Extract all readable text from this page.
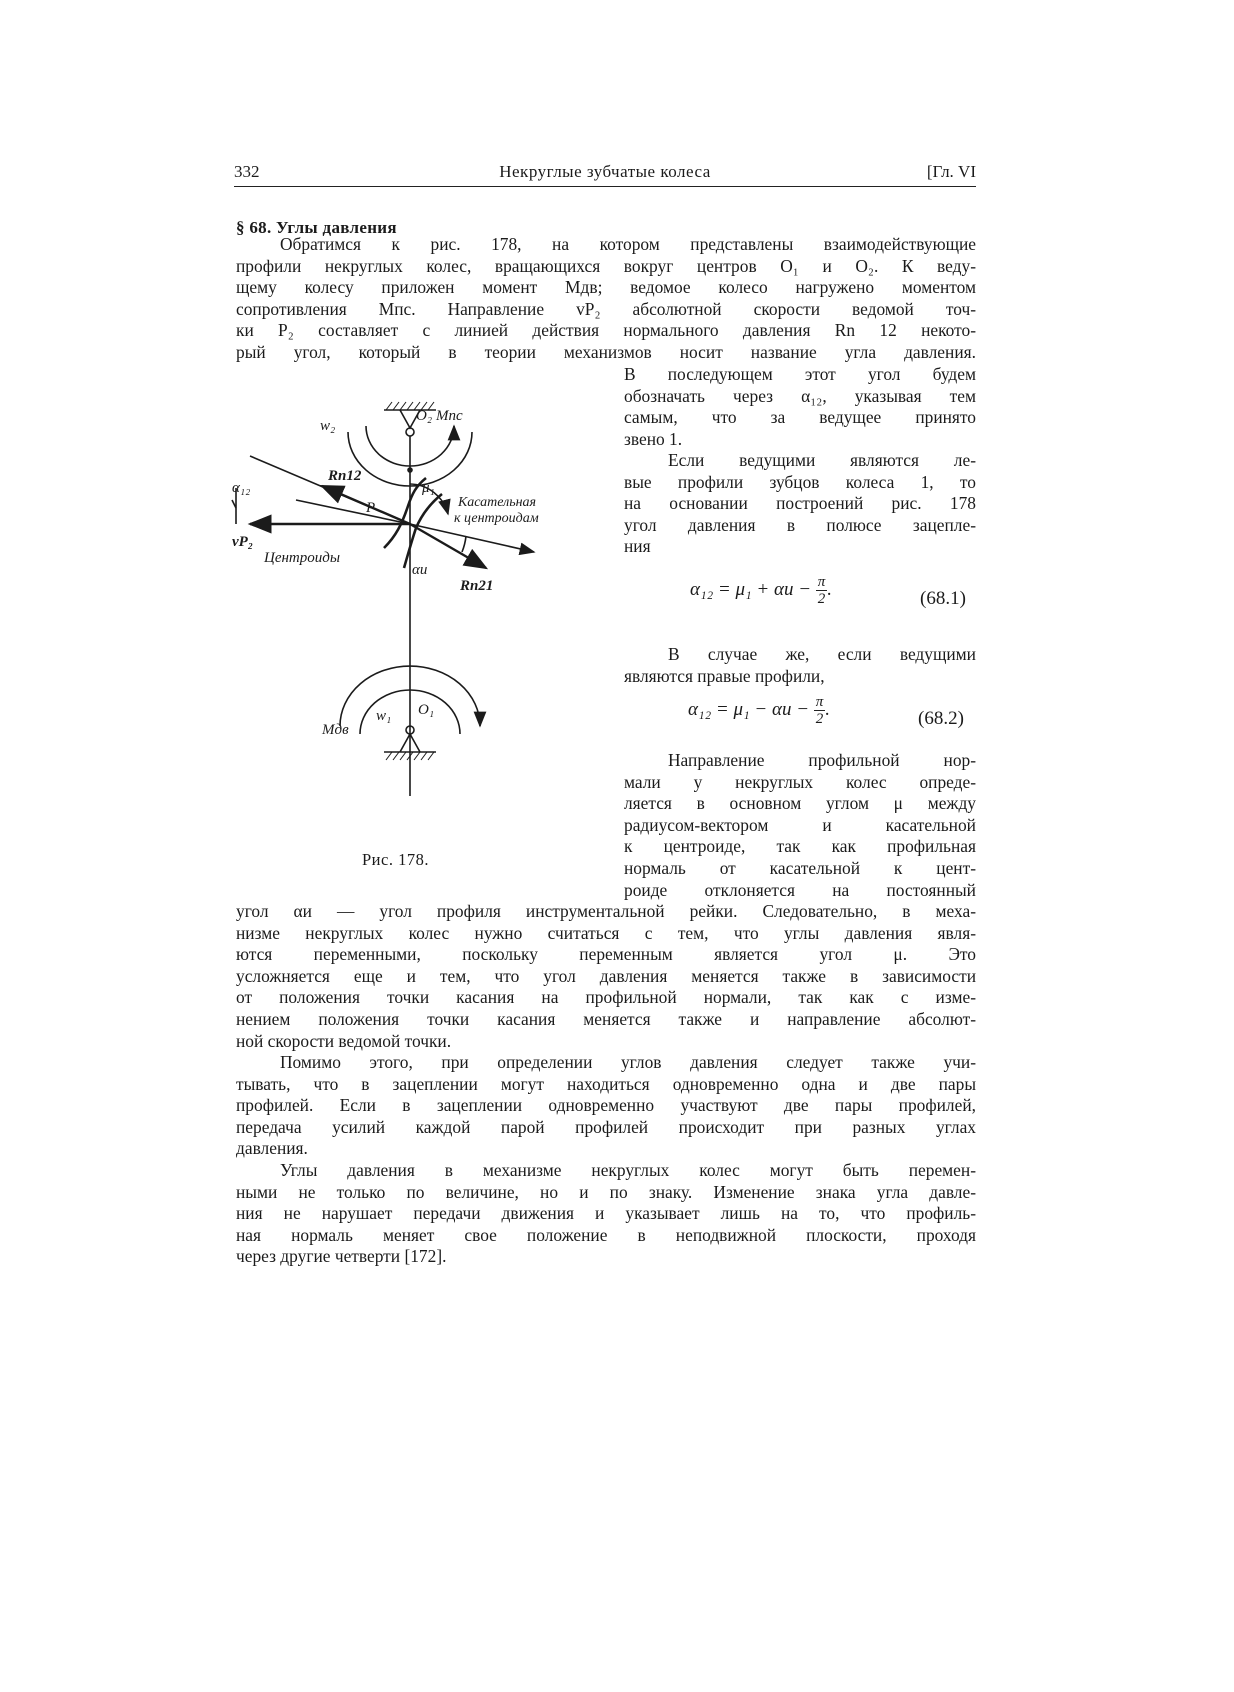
332	Некруглые зубчатые колеса	[Гл. VI
§ 68. Углы давления
Обратимся к рис. 178, на котором представлены взаимодействующие
профили некруглых колес, вращающихся вокруг центров O₁ и O₂. К веду-
щему колесу приложен момент Mдв; ведомое колесо нагружено моментом
сопротивления Mпс. Направление vP₂ абсолютной скорости ведомой точ-
ки P₂ составляет с линией действия нормального давления Rn 12 некото-
рый угол, который в теории механизмов носит название угла давления.
В последующем этот угол будем
обозначать через α₁₂, указывая тем
самым, что за ведущее принято
звено 1.
Если ведущими являются ле-
вые профили зубцов колеса 1, то
на основании построений рис. 178
угол давления в полюсе зацепле-
ния
$\alpha_{12} = \mu_1 + \alpha и - \frac{\pi}{2}$ .	(68.1)
В случае же, если ведущими
являются правые профили,
$\alpha_{12} = \mu_1 - \alpha и - \frac{\pi}{2}$ .	(68.2)
Направление профильной нор-
мали у некруглых колес опреде-
ляется в основном углом μ между
радиусом-вектором и касательной
к центроиде, так как профильная
нормаль от касательной к цент-
роиде отклоняется на постоянный
угол αи — угол профиля инструментальной рейки. Следовательно, в меха-
низме некруглых колес нужно считаться с тем, что углы давления явля-
ются переменными, поскольку переменным является угол μ. Это
усложняется еще и тем, что угол давления меняется также в зависимости
от положения точки касания на профильной нормали, так как с изме-
нением положения точки касания меняется также и направление абсолют-
ной скорости ведомой точки.
Помимо этого, при определении углов давления следует также учи-
тывать, что в зацеплении могут находиться одновременно одна и две пары
профилей. Если в зацеплении одновременно участвуют две пары профилей,
передача усилий каждой парой профилей происходит при разных углах
давления.
Углы давления в механизме некруглых колес могут быть перемен-
ными не только по величине, но и по знаку. Изменение знака угла давле-
ния не нарушает передачи движения и указывает лишь на то, что профиль-
ная нормаль меняет свое положение в неподвижной плоскости, проходя
через другие четверти [172].
w₂
O₂ Mпс
Rп12
α₁₂
P
μ₁
Касательная
к центроидам
vP₂
Центроиды
αи
Rп21
Mдв
w₁ O₁
Рис. 178.
